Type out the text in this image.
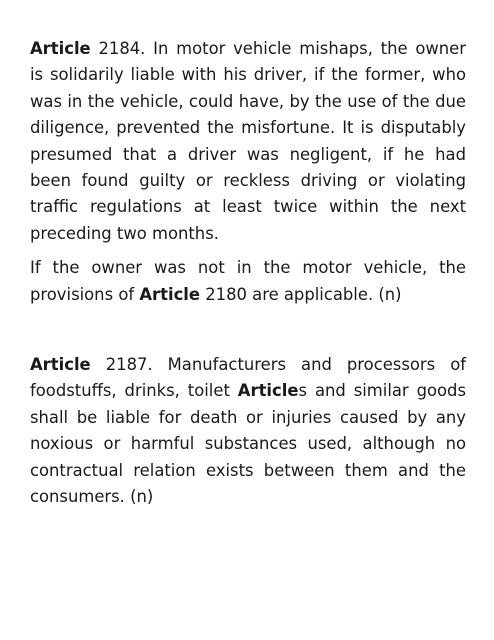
Article 2184. In motor vehicle mishaps, the owner is solidarily liable with his driver, if the former, who was in the vehicle, could have, by the use of the due diligence, prevented the misfortune. It is disputably presumed that a driver was negligent, if he had been found guilty or reckless driving or violating traffic regulations at least twice within the next preceding two months.

If the owner was not in the motor vehicle, the provisions of Article 2180 are applicable. (n)

Article 2187. Manufacturers and processors of foodstuffs, drinks, toilet Articles and similar goods shall be liable for death or injuries caused by any noxious or harmful substances used, although no contractual relation exists between them and the consumers. (n)
